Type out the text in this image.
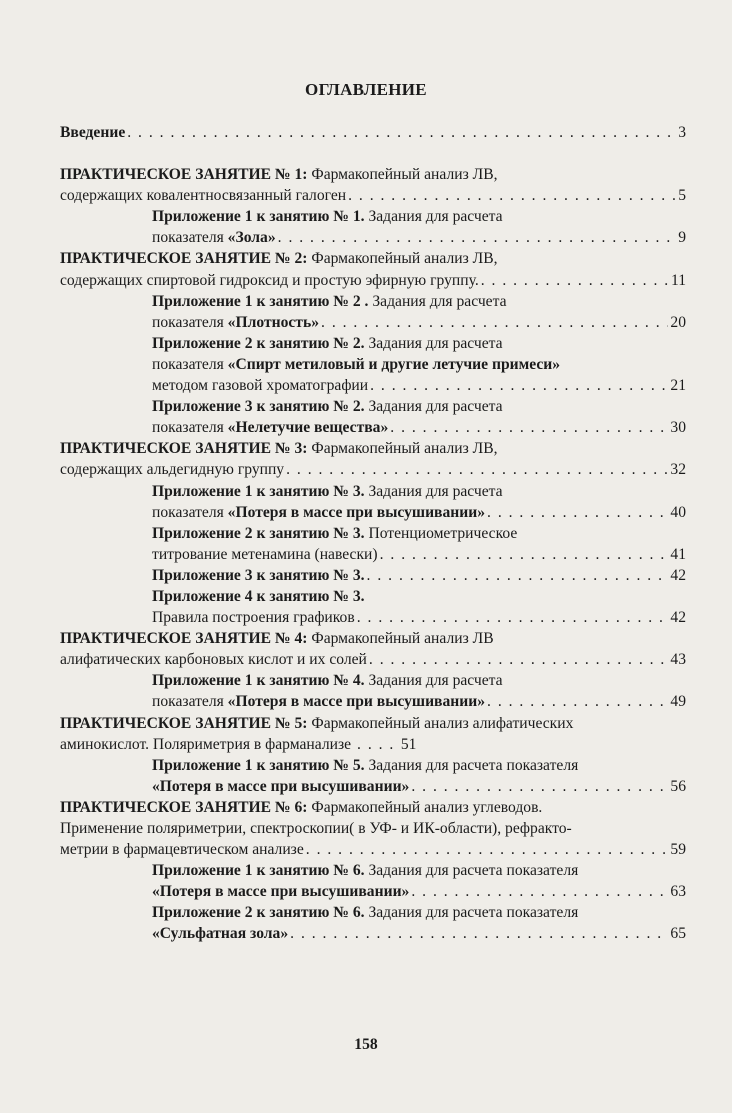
ОГЛАВЛЕНИЕ
Введение . . .	3
ПРАКТИЧЕСКОЕ ЗАНЯТИЕ № 1: Фармакопейный анализ ЛВ,
содержащих ковалентносвязанный галоген . . .	5
Приложение 1 к занятию № 1. Задания для расчета
показателя «Зола» . . .	9
ПРАКТИЧЕСКОЕ ЗАНЯТИЕ № 2: Фармакопейный анализ ЛВ,
содержащих спиртовой гидроксид и простую эфирную группу. . . .	11
Приложение 1 к занятию № 2 . Задания для расчета
показателя «Плотность» . . .	20
Приложение 2 к занятию № 2. Задания для расчета
показателя «Спирт метиловый и другие летучие примеси»
методом газовой хроматографии . . .	21
Приложение 3 к занятию № 2. Задания для расчета
показателя «Нелетучие вещества» . . .	30
ПРАКТИЧЕСКОЕ ЗАНЯТИЕ № 3: Фармакопейный анализ ЛВ,
содержащих альдегидную группу . . .	32
Приложение 1 к занятию № 3. Задания для расчета
показателя «Потеря в массе при высушивании» . . .	40
Приложение 2 к занятию № 3. Потенциометрическое
титрование метенамина (навески) . . .	41
Приложение 3 к занятию № 3. . . .	42
Приложение 4 к занятию № 3.
Правила построения графиков . . .	42
ПРАКТИЧЕСКОЕ ЗАНЯТИЕ № 4: Фармакопейный анализ ЛВ
алифатических карбоновых кислот и их солей . . .	43
Приложение 1 к занятию № 4. Задания для расчета
показателя «Потеря в массе при высушивании» . . .	49
ПРАКТИЧЕСКОЕ ЗАНЯТИЕ № 5: Фармакопейный анализ алифатических
аминокислот. Поляриметрия в фарманализе . . . . 51
Приложение 1 к занятию № 5. Задания для расчета показателя
«Потеря в массе при высушивании» . . .	56
ПРАКТИЧЕСКОЕ ЗАНЯТИЕ № 6: Фармакопейный анализ углеводов.
Применение поляриметрии, спектроскопии( в УФ- и ИК-области), рефракто-
метрии в фармацевтическом анализе . . .	59
Приложение 1 к занятию № 6. Задания для расчета показателя
«Потеря в массе при высушивании» . . .	63
Приложение 2 к занятию № 6. Задания для расчета показателя
«Сульфатная зола» . . .	65
158
